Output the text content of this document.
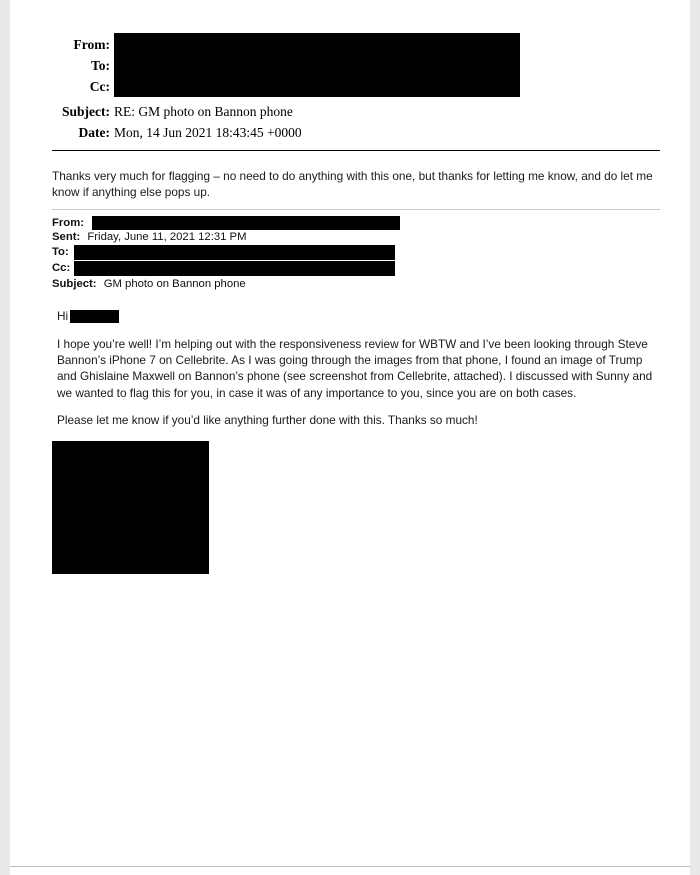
From:
To:
Cc:
Subject: RE: GM photo on Bannon phone
Date: Mon, 14 Jun 2021 18:43:45 +0000
Thanks very much for flagging – no need to do anything with this one, but thanks for letting me know, and do let me know if anything else pops up.
From:
Sent: Friday, June 11, 2021 12:31 PM
To:
Cc:
Subject: GM photo on Bannon phone
Hi
I hope you’re well! I’m helping out with the responsiveness review for WBTW and I’ve been looking through Steve Bannon’s iPhone 7 on Cellebrite. As I was going through the images from that phone, I found an image of Trump and Ghislaine Maxwell on Bannon’s phone (see screenshot from Cellebrite, attached). I discussed with Sunny and we wanted to flag this for you, in case it was of any importance to you, since you are on both cases.
Please let me know if you’d like anything further done with this. Thanks so much!
